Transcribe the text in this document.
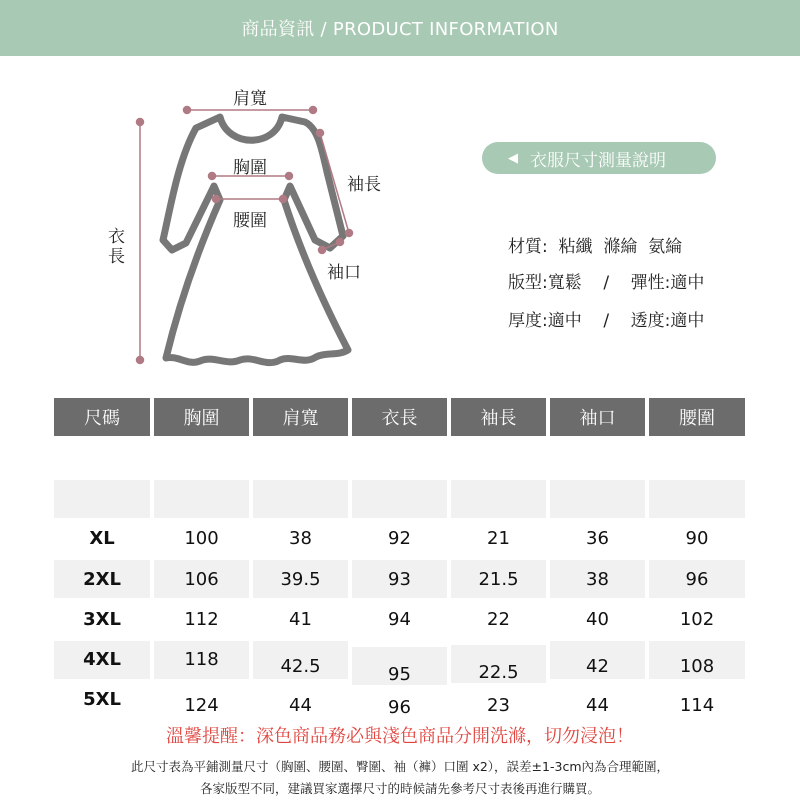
商品資訊 / PRODUCT INFORMATION
肩寬
胸圍
袖長
腰圍
袖口
衣
長
◀ 衣服尺寸測量說明
材質:  粘纖  滌綸  氨綸
版型:寬鬆    /    彈性:適中
厚度:適中    /    透度:適中
尺碼	胸圍	肩寬	衣長	袖長	袖口	腰圍
XL	100	38	92	21	36	90
2XL	106	39.5	93	21.5	38	96
3XL	112	41	94	22	40	102
4XL	118	42.5	95	22.5	42	108
5XL	124	44	96	23	44	114
溫馨提醒：深色商品務必與淺色商品分開洗滌，切勿浸泡！
此尺寸表為平鋪測量尺寸（胸圍、腰圍、臀圍、袖（褲）口圍 x2），誤差±1-3cm內為合理範圍，
各家版型不同，建議買家選擇尺寸的時候請先參考尺寸表後再進行購買。
